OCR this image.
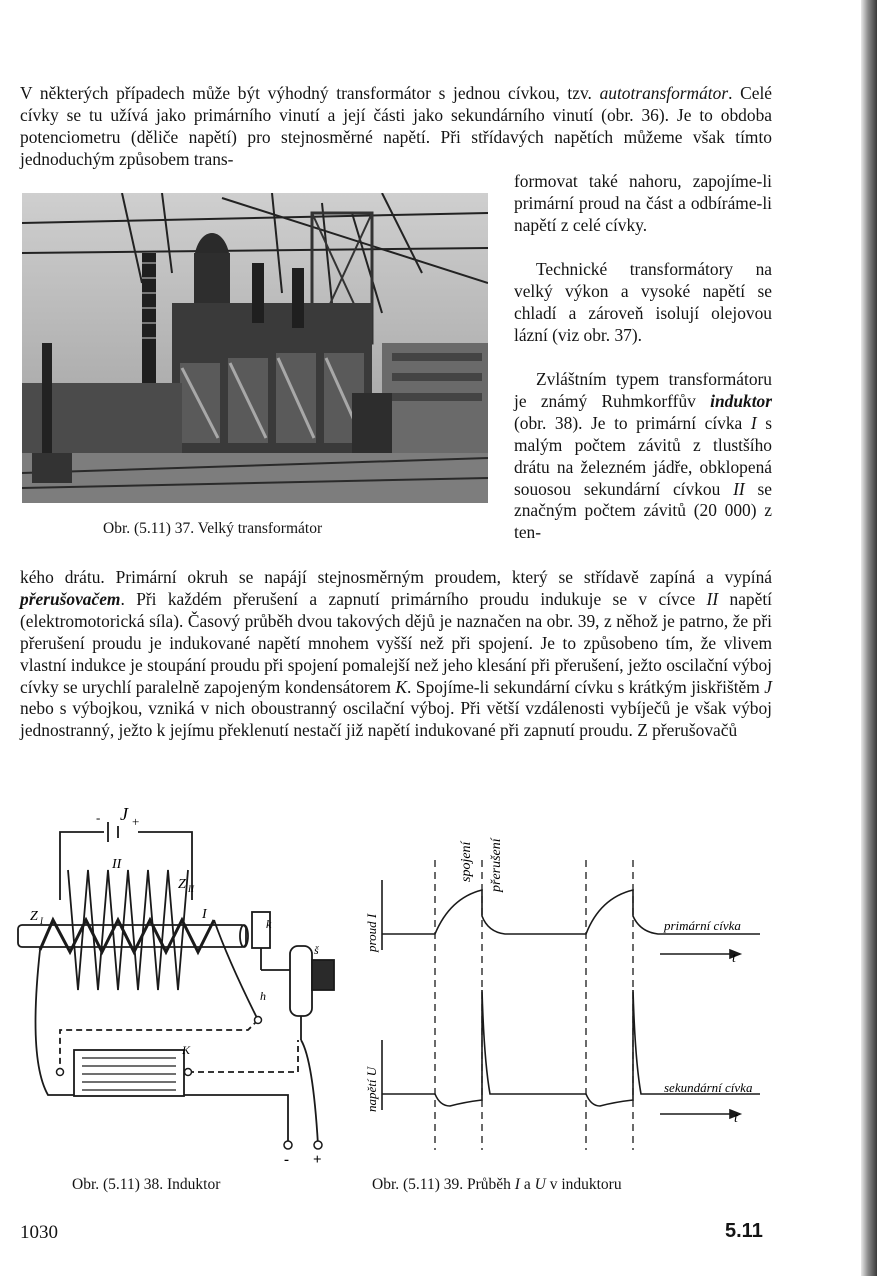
V některých případech může být výhodný transformátor s jednou cívkou, tzv. autotransformátor. Celé cívky se tu užívá jako primárního vinutí a její části jako sekundárního vinutí (obr. 36). Je to obdoba potenciometru (děliče napětí) pro stejnosměrné napětí. Při střídavých napětích můžeme však tímto jednoduchým způsobem trans-

Obr. (5.11) 37. Velký transformátor

formovat také nahoru, zapojíme-li primární proud na část a odbíráme-li napětí z celé cívky.

Technické transformátory na velký výkon a vysoké napětí se chladí a zároveň isolují olejovou lázní (viz obr. 37).

Zvláštním typem transformátoru je známý Ruhmkorffův induktor (obr. 38). Je to primární cívka I s malým počtem závitů z tlustšího drátu na železném jádře, obklopená souosou sekundární cívkou II se značným počtem závitů (20 000) z ten-

kého drátu. Primární okruh se napájí stejnosměrným proudem, který se střídavě zapíná a vypíná přerušovačem. Při každém přerušení a zapnutí primárního proudu indukuje se v cívce II napětí (elektromotorická síla). Časový průběh dvou takových dějů je naznačen na obr. 39, z něhož je patrno, že při přerušení proudu je indukované napětí mnohem vyšší než při spojení. Je to způsobeno tím, že vlivem vlastní indukce je stoupání proudu při spojení pomalejší než jeho klesání při přerušení, ježto oscilační výboj cívky se urychlí paralelně zapojeným kondensátorem K. Spojíme-li sekundární cívku s krátkým jiskřištěm J nebo s výbojkou, vzniká v nich oboustranný oscilační výboj. Při větší vzdálenosti vybíječů je však výboj jednostranný, ježto k jejímu překlenutí nestačí již napětí indukované při zapnutí proudu. Z přerušovačů

- J +
II
Z II
Z I	I
k
h
š
K
- +
Obr. (5.11) 38. Induktor
spojení přerušení
proud I
napětí U
primární cívka
sekundární cívka
t
t
Obr. (5.11) 39. Průběh I a U v induktoru
1030	5.11
